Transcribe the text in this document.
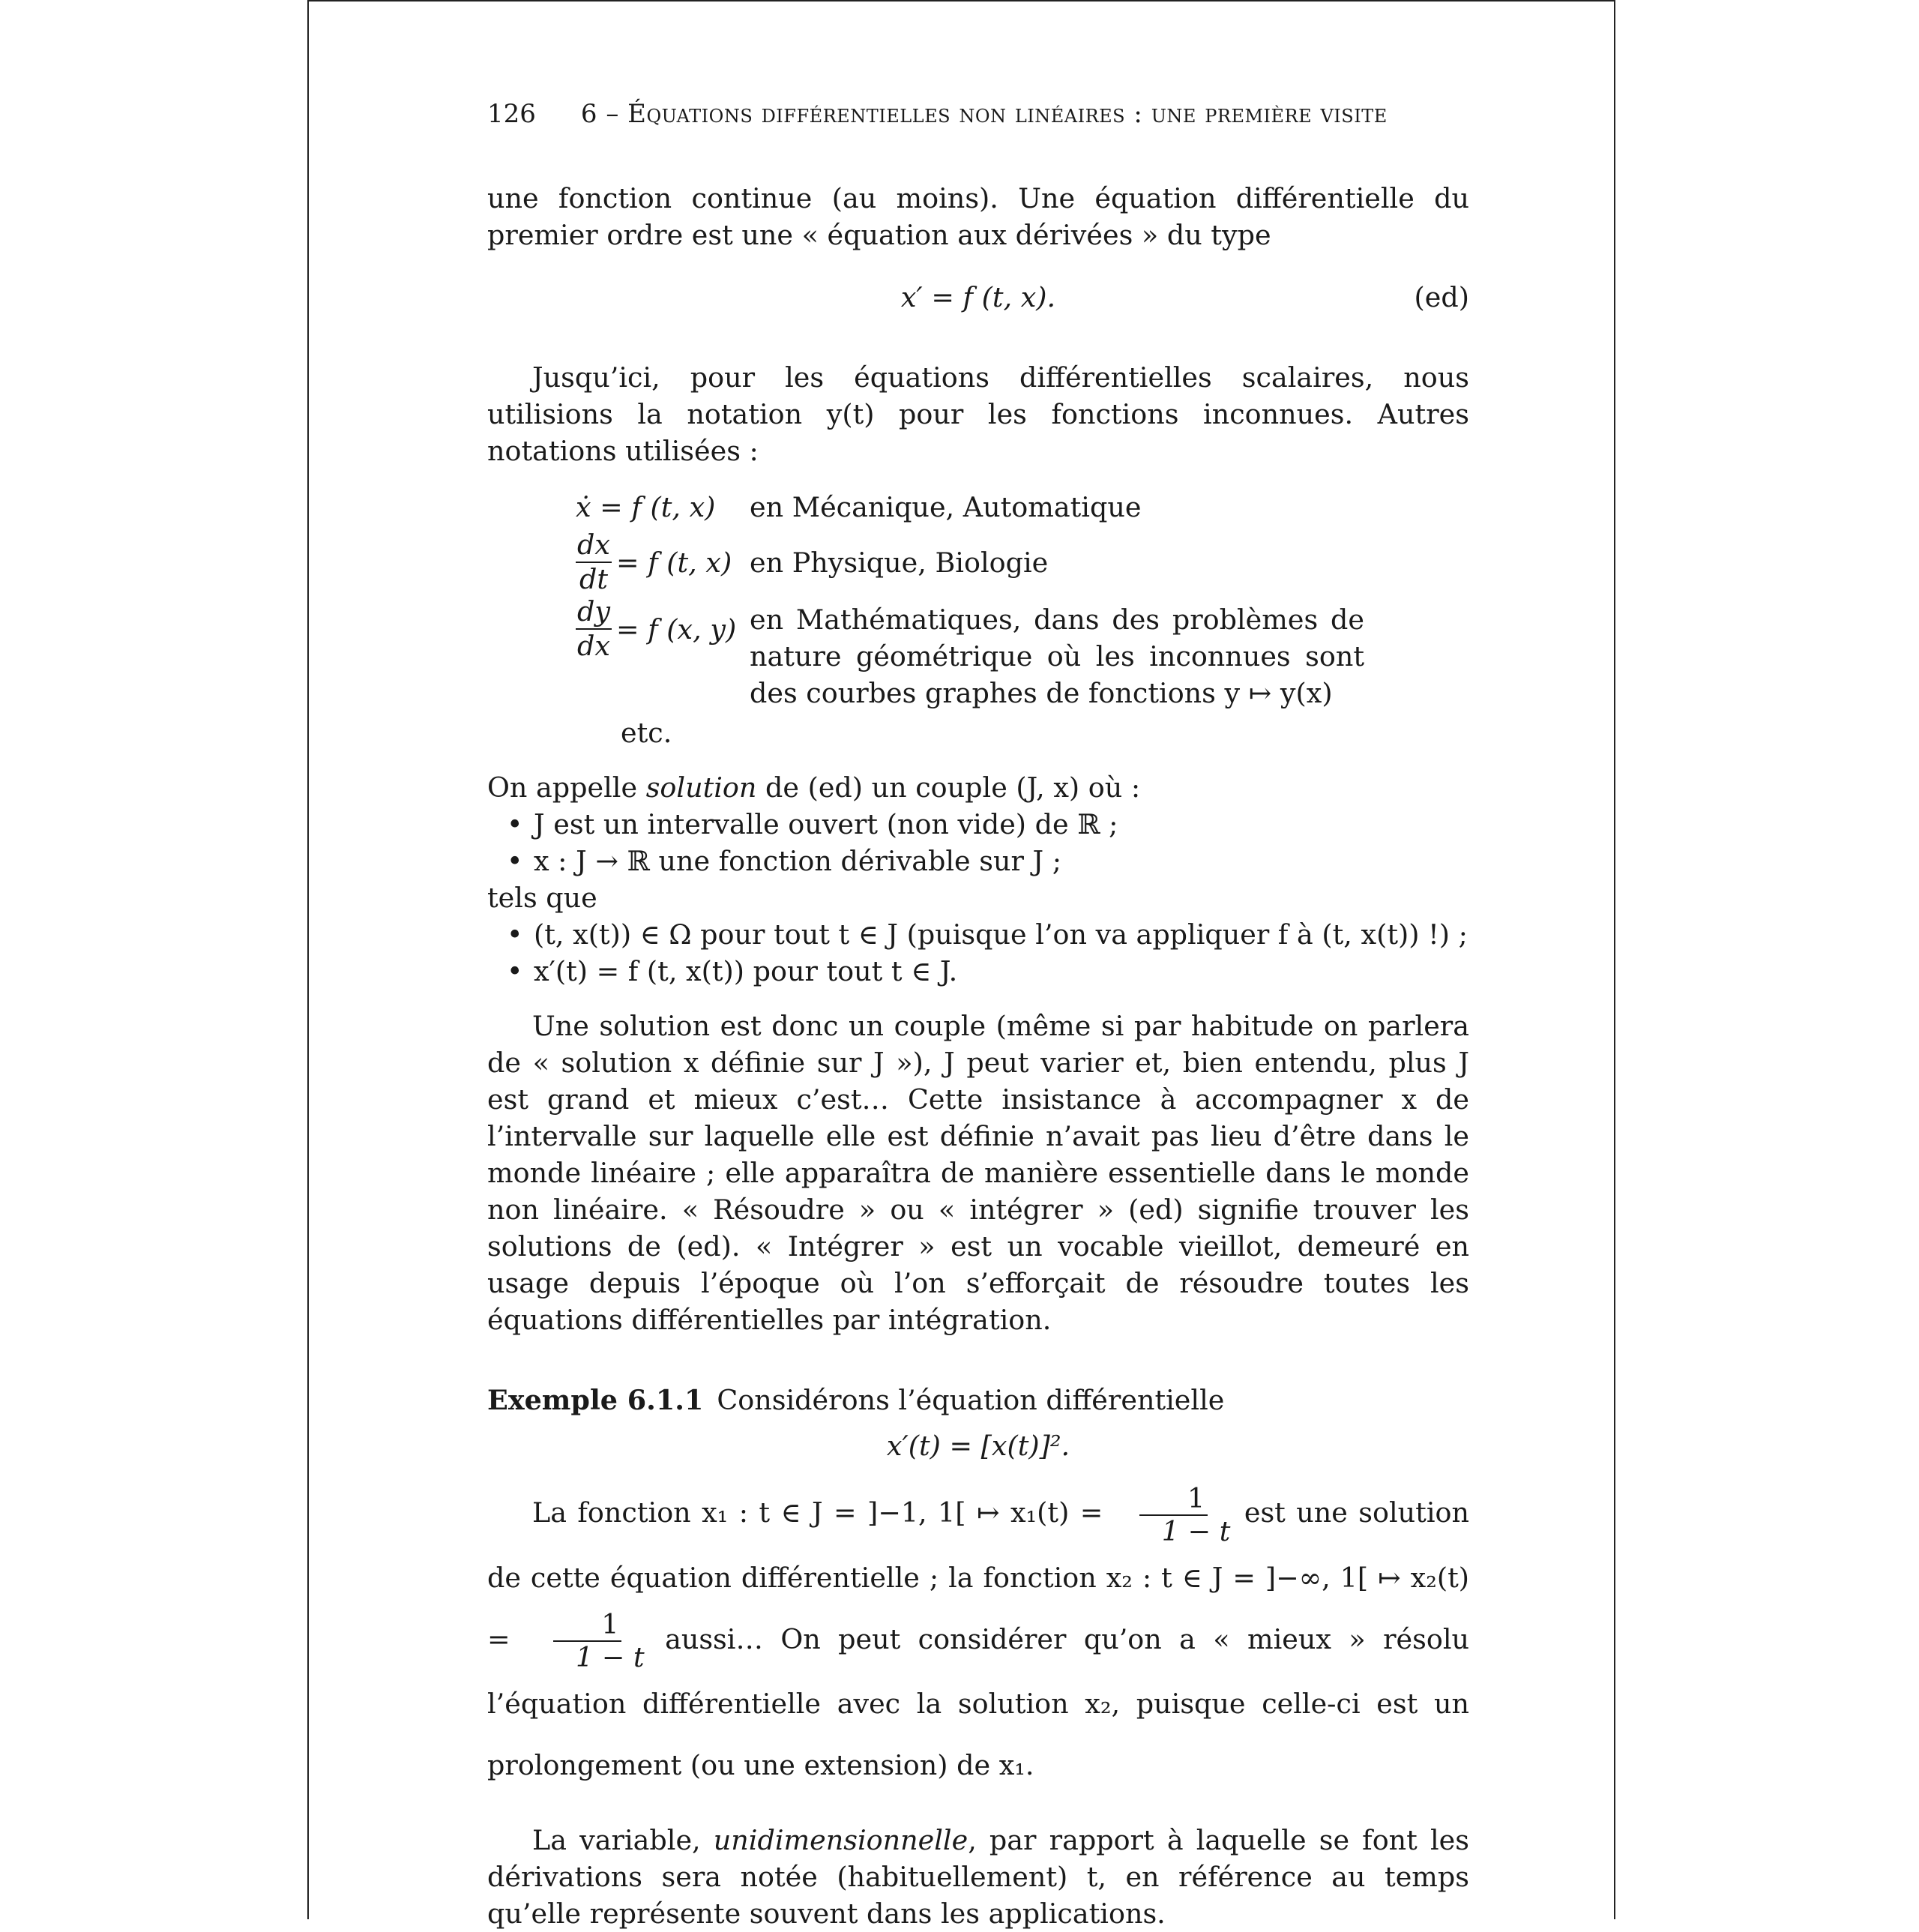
126 6 – Équations différentielles non linéaires : une première visite

une fonction continue (au moins). Une équation différentielle du premier ordre est une « équation aux dérivées » du type

x′ = f (t, x).	(ed)

Jusqu’ici, pour les équations différentielles scalaires, nous utilisions la notation y(t) pour les fonctions inconnues. Autres notations utilisées :

ẋ = f (t, x)	en Mécanique, Automatique
$\frac{dx}{dt} = f$ (t, x) en Physique, Biologie
$\frac{dy}{dx} = f$ (x, y) en Mathématiques, dans des problèmes de nature géométrique où les inconnues sont des courbes graphes de fonctions y ↦ y(x)
etc.

On appelle solution de (ed) un couple (J, x) où :

• J est un intervalle ouvert (non vide) de ℝ ;
• x : J → ℝ une fonction dérivable sur J ;

tels que

• (t, x(t)) ∈ Ω pour tout t ∈ J (puisque l’on va appliquer f à (t, x(t)) !) ;
• x′(t) = f (t, x(t)) pour tout t ∈ J.

Une solution est donc un couple (même si par habitude on parlera de « solution x définie sur J »), J peut varier et, bien entendu, plus J est grand et mieux c’est… Cette insistance à accompagner x de l’intervalle sur laquelle elle est définie n’avait pas lieu d’être dans le monde linéaire ; elle apparaîtra de manière essentielle dans le monde non linéaire. « Résoudre » ou « intégrer » (ed) signifie trouver les solutions de (ed). « Intégrer » est un vocable vieillot, demeuré en usage depuis l’époque où l’on s’efforçait de résoudre toutes les équations différentielles par intégration.

Exemple 6.1.1 Considérons l’équation différentielle

x′(t) = [x(t)]².

La fonction x₁ : t ∈ J = ]−1, 1[ ↦ $x_1(t) = \frac{1}{1 - t}$ est une solution de cette équation différentielle ; la fonction x₂ : t ∈ J = ]−∞, 1[ ↦ $x_2(t) = \frac{1}{1 - t}$ aussi… On peut considérer qu’on a « mieux » résolu l’équation différentielle avec la solution x₂, puisque celle-ci est un prolongement (ou une extension) de x₁.

La variable, unidimensionnelle, par rapport à laquelle se font les dérivations sera notée (habituellement) t, en référence au temps qu’elle représente souvent dans les applications.
